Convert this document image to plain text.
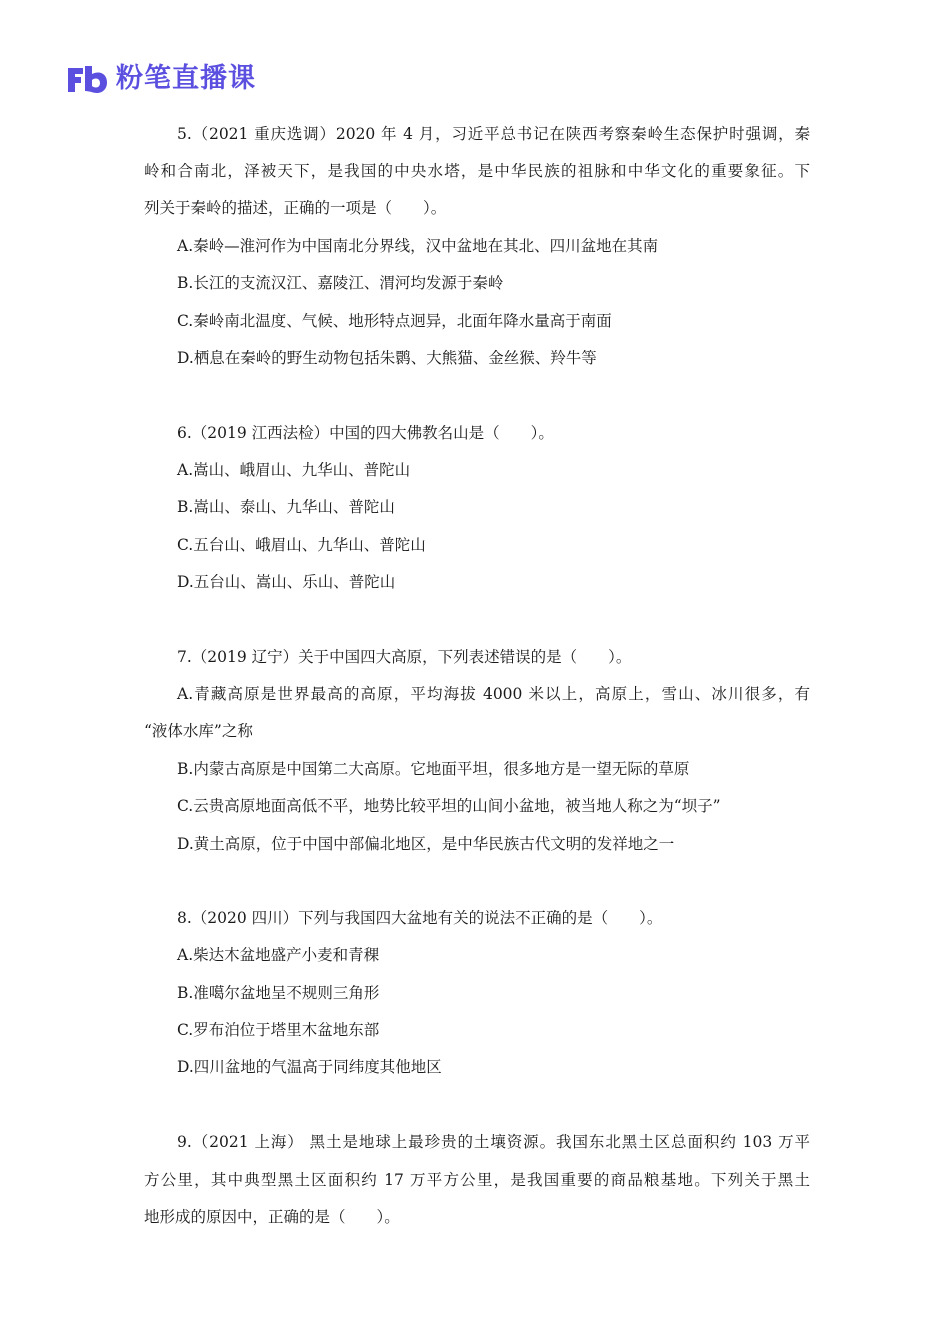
粉笔直播课
5.（2021 重庆选调）2020 年 4 月，习近平总书记在陕西考察秦岭生态保护时强调，秦
岭和合南北，泽被天下，是我国的中央水塔，是中华民族的祖脉和中华文化的重要象征。下
列关于秦岭的描述，正确的一项是（　　）。
A.秦岭—淮河作为中国南北分界线，汉中盆地在其北、四川盆地在其南
B.长江的支流汉江、嘉陵江、渭河均发源于秦岭
C.秦岭南北温度、气候、地形特点迥异，北面年降水量高于南面
D.栖息在秦岭的野生动物包括朱鹮、大熊猫、金丝猴、羚牛等
6.（2019 江西法检）中国的四大佛教名山是（　　）。
A.嵩山、峨眉山、九华山、普陀山
B.嵩山、泰山、九华山、普陀山
C.五台山、峨眉山、九华山、普陀山
D.五台山、嵩山、乐山、普陀山
7.（2019 辽宁）关于中国四大高原，下列表述错误的是（　　）。
A.青藏高原是世界最高的高原，平均海拔 4000 米以上，高原上，雪山、冰川很多，有
“液体水库”之称
B.内蒙古高原是中国第二大高原。它地面平坦，很多地方是一望无际的草原
C.云贵高原地面高低不平，地势比较平坦的山间小盆地，被当地人称之为“坝子”
D.黄土高原，位于中国中部偏北地区，是中华民族古代文明的发祥地之一
8.（2020 四川）下列与我国四大盆地有关的说法不正确的是（　　）。
A.柴达木盆地盛产小麦和青稞
B.准噶尔盆地呈不规则三角形
C.罗布泊位于塔里木盆地东部
D.四川盆地的气温高于同纬度其他地区
9.（2021 上海） 黑土是地球上最珍贵的土壤资源。我国东北黑土区总面积约 103 万平
方公里，其中典型黑土区面积约 17 万平方公里，是我国重要的商品粮基地。下列关于黑土
地形成的原因中，正确的是（　　）。
